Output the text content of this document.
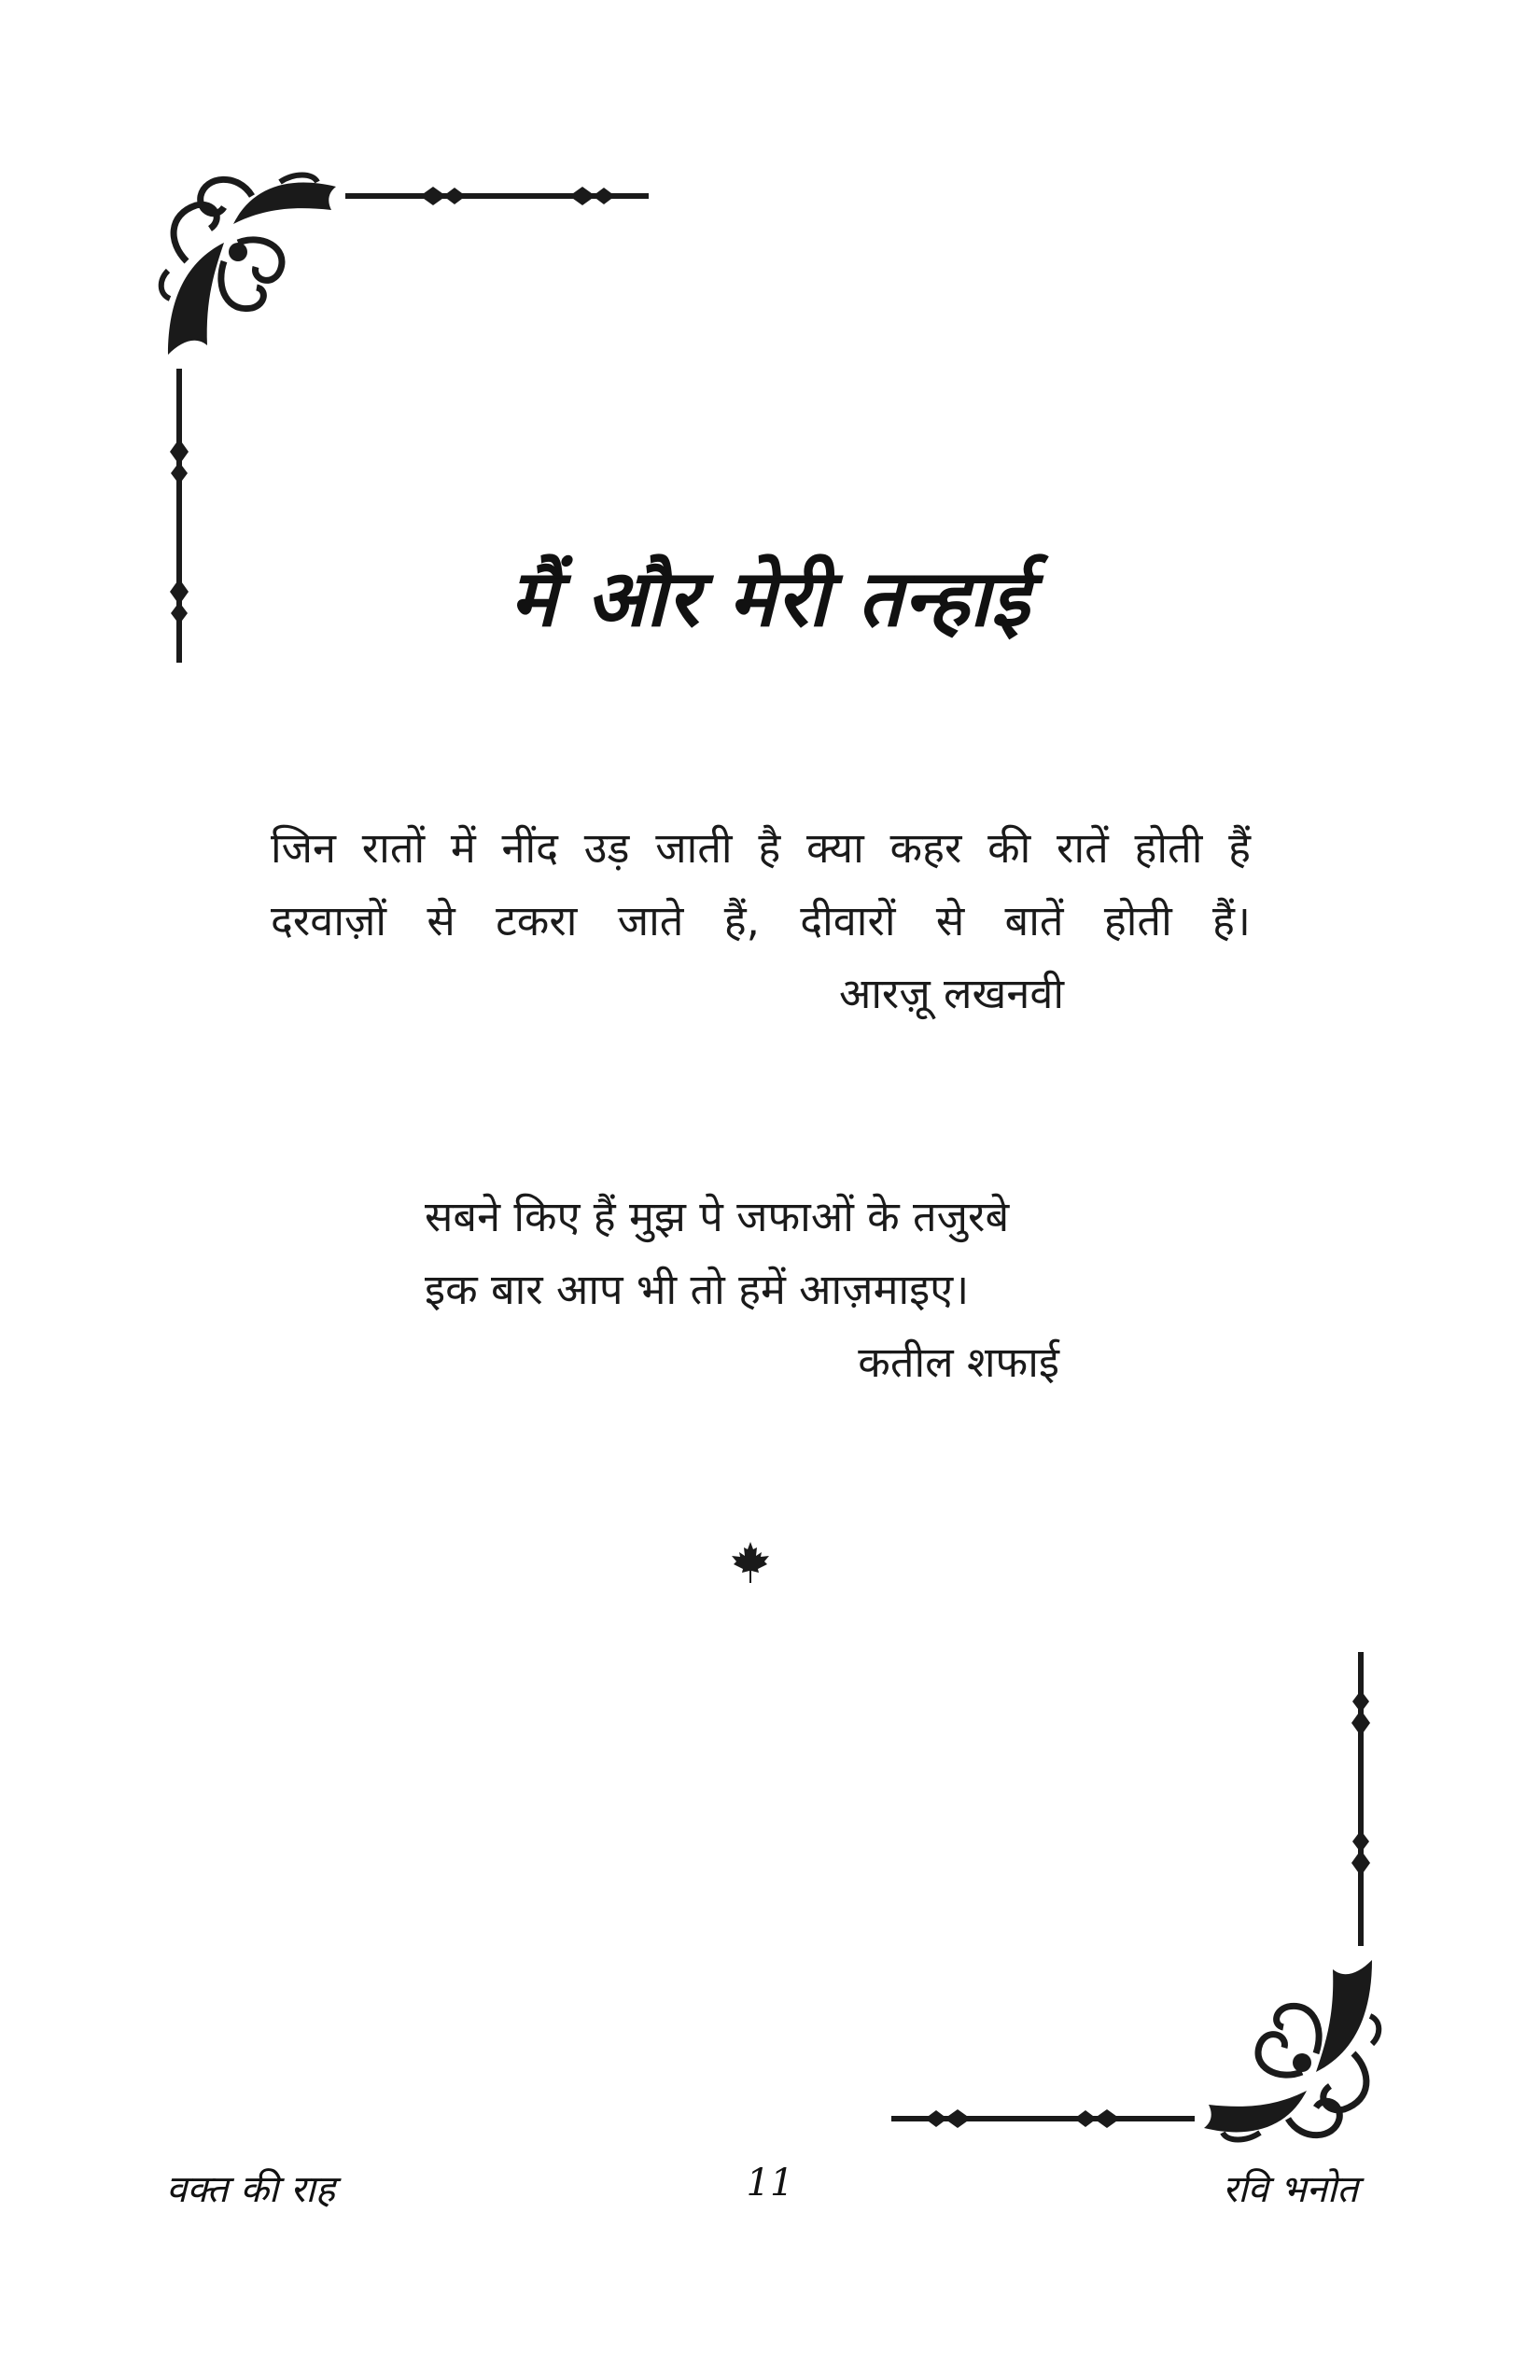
मैं और मेरी तन्हाई
जिन रातों में नींद उड़ जाती है क्या कहर की रातें होती हैं
दरवाज़ों से टकरा जाते हैं, दीवारों से बातें होती हैं।
आरज़ू लखनवी
सबने किए हैं मुझ पे जफाओं के तजुरबे
इक बार आप भी तो हमें आज़माइए।
कतील शफाई
वक्त की राह	11	रवि भनोत
